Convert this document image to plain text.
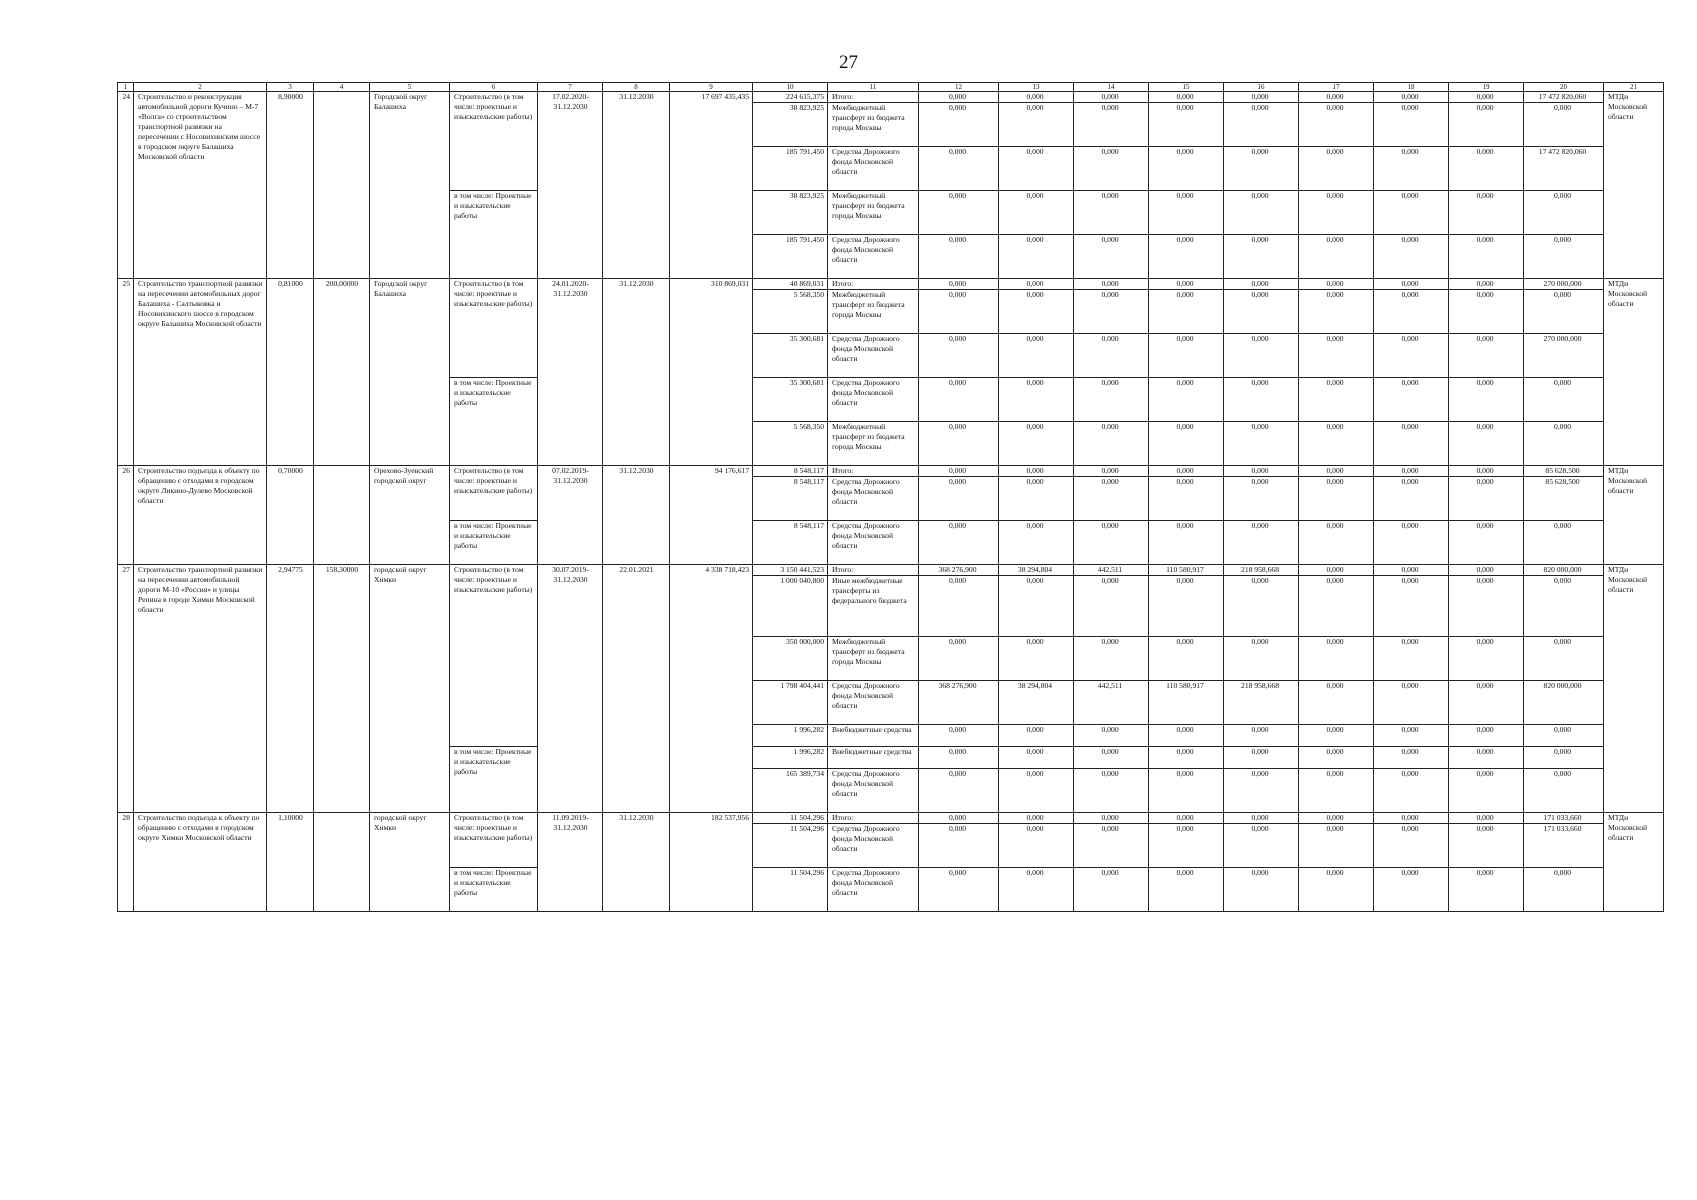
27
1	2	3	4	5	6	7	8	9	10	11	12	13	14	15	16	17	18	19	20	21
24	Строительство и реконструкция автомобильной дороги Кучино – М-7 «Волга» со строительством транспортной развязки на пересечении с Носовихинским шоссе в городском округе Балашиха Московской области	8,90000		Городской округ Балашиха	Строительство (в том числе: проектные и изыскательские работы)	17.02.2020-31.12.2030	31.12.2030	17 697 435,435	224 615,375	Итого:	0,000	0,000	0,000	0,000	0,000	0,000	0,000	0,000	17 472 820,060	МТДи Московской области
									38 823,925	Межбюджетный трансферт из бюджета города Москвы	0,000	0,000	0,000	0,000	0,000	0,000	0,000	0,000	0,000	
									185 791,450	Средства Дорожного фонда Московской области	0,000	0,000	0,000	0,000	0,000	0,000	0,000	0,000	17 472 820,060	
					в том числе: Проектные и изыскательские работы				38 823,925	Межбюджетный трансферт из бюджета города Москвы	0,000	0,000	0,000	0,000	0,000	0,000	0,000	0,000	0,000	
									185 791,450	Средства Дорожного фонда Московской области	0,000	0,000	0,000	0,000	0,000	0,000	0,000	0,000	0,000	
25	Строительство транспортной развязки на пересечении автомобильных дорог Балашиха - Салтыковка и Носовихинского шоссе в городском округе Балашиха Московской области	0,81000	200,00000	Городской округ Балашиха	Строительство (в том числе: проектные и изыскательские работы)	24.01.2020-31.12.2030	31.12.2030	310 869,031	40 869,031	Итого:	0,000	0,000	0,000	0,000	0,000	0,000	0,000	0,000	270 000,000	МТДи Московской области
									5 568,350	Межбюджетный трансферт из бюджета города Москвы	0,000	0,000	0,000	0,000	0,000	0,000	0,000	0,000	0,000	
									35 300,681	Средства Дорожного фонда Московской области	0,000	0,000	0,000	0,000	0,000	0,000	0,000	0,000	270 000,000	
					в том числе: Проектные и изыскательские работы				35 300,681	Средства Дорожного фонда Московской области	0,000	0,000	0,000	0,000	0,000	0,000	0,000	0,000	0,000	
									5 568,350	Межбюджетный трансферт из бюджета города Москвы	0,000	0,000	0,000	0,000	0,000	0,000	0,000	0,000	0,000	
26	Строительство подъезда к объекту по обращению с отходами в городском округе Ликино-Дулево Московской области	0,70000		Орехово-Зуевский городской округ	Строительство (в том числе: проектные и изыскательские работы)	07.02.2019-31.12.2030	31.12.2030	94 176,617	8 548,117	Итого:	0,000	0,000	0,000	0,000	0,000	0,000	0,000	0,000	85 628,500	МТДи Московской области
									8 548,117	Средства Дорожного фонда Московской области	0,000	0,000	0,000	0,000	0,000	0,000	0,000	0,000	85 628,500	
					в том числе: Проектные и изыскательские работы				8 548,117	Средства Дорожного фонда Московской области	0,000	0,000	0,000	0,000	0,000	0,000	0,000	0,000	0,000	
27	Строительство транспортной развязки на пересечении автомобильной дороги М-10 «Россия» и улицы Репина в городе Химки Московской области	2,94775	158,30000	городской округ Химки	Строительство (в том числе: проектные и изыскательские работы)	30.07.2019-31.12.2030	22.01.2021	4 338 718,423	3 150 441,523	Итого:	368 276,900	38 294,804	442,511	110 580,917	218 958,668	0,000	0,000	0,000	820 000,000	МТДи Московской области
									1 000 040,800	Иные межбюджетные трансферты из федерального бюджета	0,000	0,000	0,000	0,000	0,000	0,000	0,000	0,000	0,000	
									350 000,000	Межбюджетный трансферт из бюджета города Москвы	0,000	0,000	0,000	0,000	0,000	0,000	0,000	0,000	0,000	
									1 798 404,441	Средства Дорожного фонда Московской области	368 276,900	38 294,804	442,511	110 580,917	218 958,668	0,000	0,000	0,000	820 000,000	
									1 996,282	Внебюджетные средства	0,000	0,000	0,000	0,000	0,000	0,000	0,000	0,000	0,000	
					в том числе: Проектные и изыскательские работы				1 996,282	Внебюджетные средства	0,000	0,000	0,000	0,000	0,000	0,000	0,000	0,000	0,000	
									165 389,734	Средства Дорожного фонда Московской области	0,000	0,000	0,000	0,000	0,000	0,000	0,000	0,000	0,000	
28	Строительство подъезда к объекту по обращению с отходами в городском округе Химки Московской области	1,10000		городской округ Химки	Строительство (в том числе: проектные и изыскательские работы)	11.09.2019-31.12.2030	31.12.2030	182 537,956	11 504,296	Итого:	0,000	0,000	0,000	0,000	0,000	0,000	0,000	0,000	171 033,660	МТДи Московской области
									11 504,296	Средства Дорожного фонда Московской области	0,000	0,000	0,000	0,000	0,000	0,000	0,000	0,000	171 033,660	
					в том числе: Проектные и изыскательские работы				11 504,296	Средства Дорожного фонда Московской области	0,000	0,000	0,000	0,000	0,000	0,000	0,000	0,000	0,000	
